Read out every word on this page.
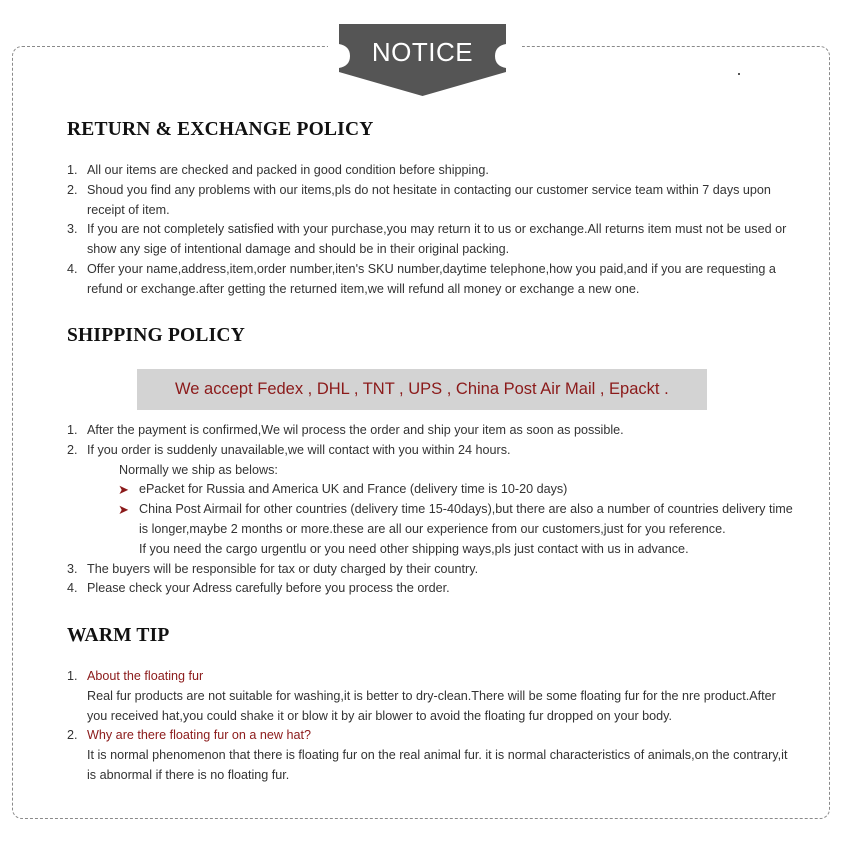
NOTICE
RETURN & EXCHANGE POLICY
1. All our items are checked and packed in good condition before shipping.
2. Shoud you find any problems with our items,pls do not hesitate in contacting our customer service team within 7 days upon
receipt of item.
3. If you are not completely satisfied with your purchase,you may return it to us or exchange.All returns item must not be used or
show any sige of intentional damage and should be in their original packing.
4. Offer your name,address,item,order number,iten's SKU number,daytime telephone,how you paid,and if you are requesting a
refund or exchange.after getting the returned item,we will refund all money or exchange a new one.
SHIPPING POLICY
We accept Fedex , DHL , TNT , UPS , China Post Air Mail , Epackt .
1. After the payment is confirmed,We wil process the order and ship your item as soon as possible.
2. If you order is suddenly unavailable,we will contact with you within 24 hours.
Normally we ship as belows:
➤ ePacket for Russia and America UK and France (delivery time is 10-20 days)
➤ China Post Airmail for other countries (delivery time 15-40days),but there are also a number of countries delivery time
is longer,maybe 2 months or more.these are all our experience from our customers,just for you reference.
If you need the cargo urgentlu or you need other shipping ways,pls just contact with us in advance.
3. The buyers will be responsible for tax or duty charged by their country.
4. Please check your Adress carefully before you process the order.
WARM TIP
1. About the floating fur
Real fur products are not suitable for washing,it is better to dry-clean.There will be some floating fur for the nre product.After
you received hat,you could shake it or blow it by air blower to avoid the floating fur dropped on your body.
2. Why are there floating fur on a new hat?
It is normal phenomenon that there is floating fur on the real animal fur. it is normal characteristics of animals,on the contrary,it
is abnormal if there is no floating fur.
